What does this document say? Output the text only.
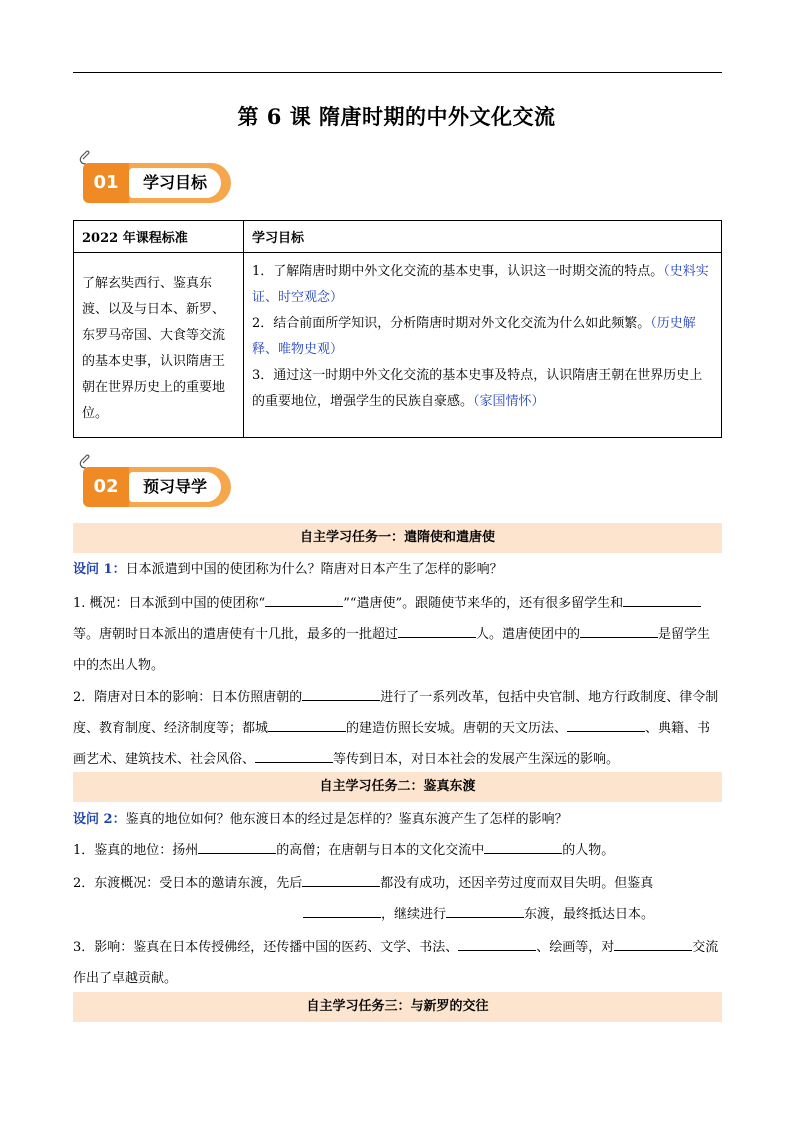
第 6 课 隋唐时期的中外文化交流
01	学习目标
2022 年课程标准	学习目标
了解玄奘西行、鉴真东渡、以及与日本、新罗、东罗马帝国、大食等交流的基本史事，认识隋唐王朝在世界历史上的重要地位。	1．了解隋唐时期中外文化交流的基本史事，认识这一时期交流的特点。（史料实证、时空观念）
2．结合前面所学知识，分析隋唐时期对外文化交流为什么如此频繁。（历史解释、唯物史观）
3．通过这一时期中外文化交流的基本史事及特点，认识隋唐王朝在世界历史上的重要地位，增强学生的民族自豪感。（家国情怀）
02	预习导学
自主学习任务一：遣隋使和遣唐使
设问 1：日本派遣到中国的使团称为什么？隋唐对日本产生了怎样的影响？
1. 概况：日本派到中国的使团称“	”“遣唐使”。跟随使节来华的，还有很多留学生和等。唐朝时日本派出的遣唐使有十几批，最多的一批超过	人。遣唐使团中的	是留学生中的杰出人物。
2．隋唐对日本的影响：日本仿照唐朝的	进行了一系列改革，包括中央官制、地方行政制度、律令制度、教育制度、经济制度等；都城	的建造仿照长安城。唐朝的天文历法、	、典籍、书画艺术、建筑技术、社会风俗、	等传到日本，对日本社会的发展产生深远的影响。
自主学习任务二：鉴真东渡
设问 2：鉴真的地位如何？他东渡日本的经过是怎样的？鉴真东渡产生了怎样的影响？
1．鉴真的地位：扬州	的高僧；在唐朝与日本的文化交流中	的人物。
2．东渡概况：受日本的邀请东渡，先后	都没有成功，还因辛劳过度而双目失明。但鉴真，继续进行	东渡，最终抵达日本。
3．影响：鉴真在日本传授佛经，还传播中国的医药、文学、书法、	、绘画等，对	交流作出了卓越贡献。
自主学习任务三：与新罗的交往
